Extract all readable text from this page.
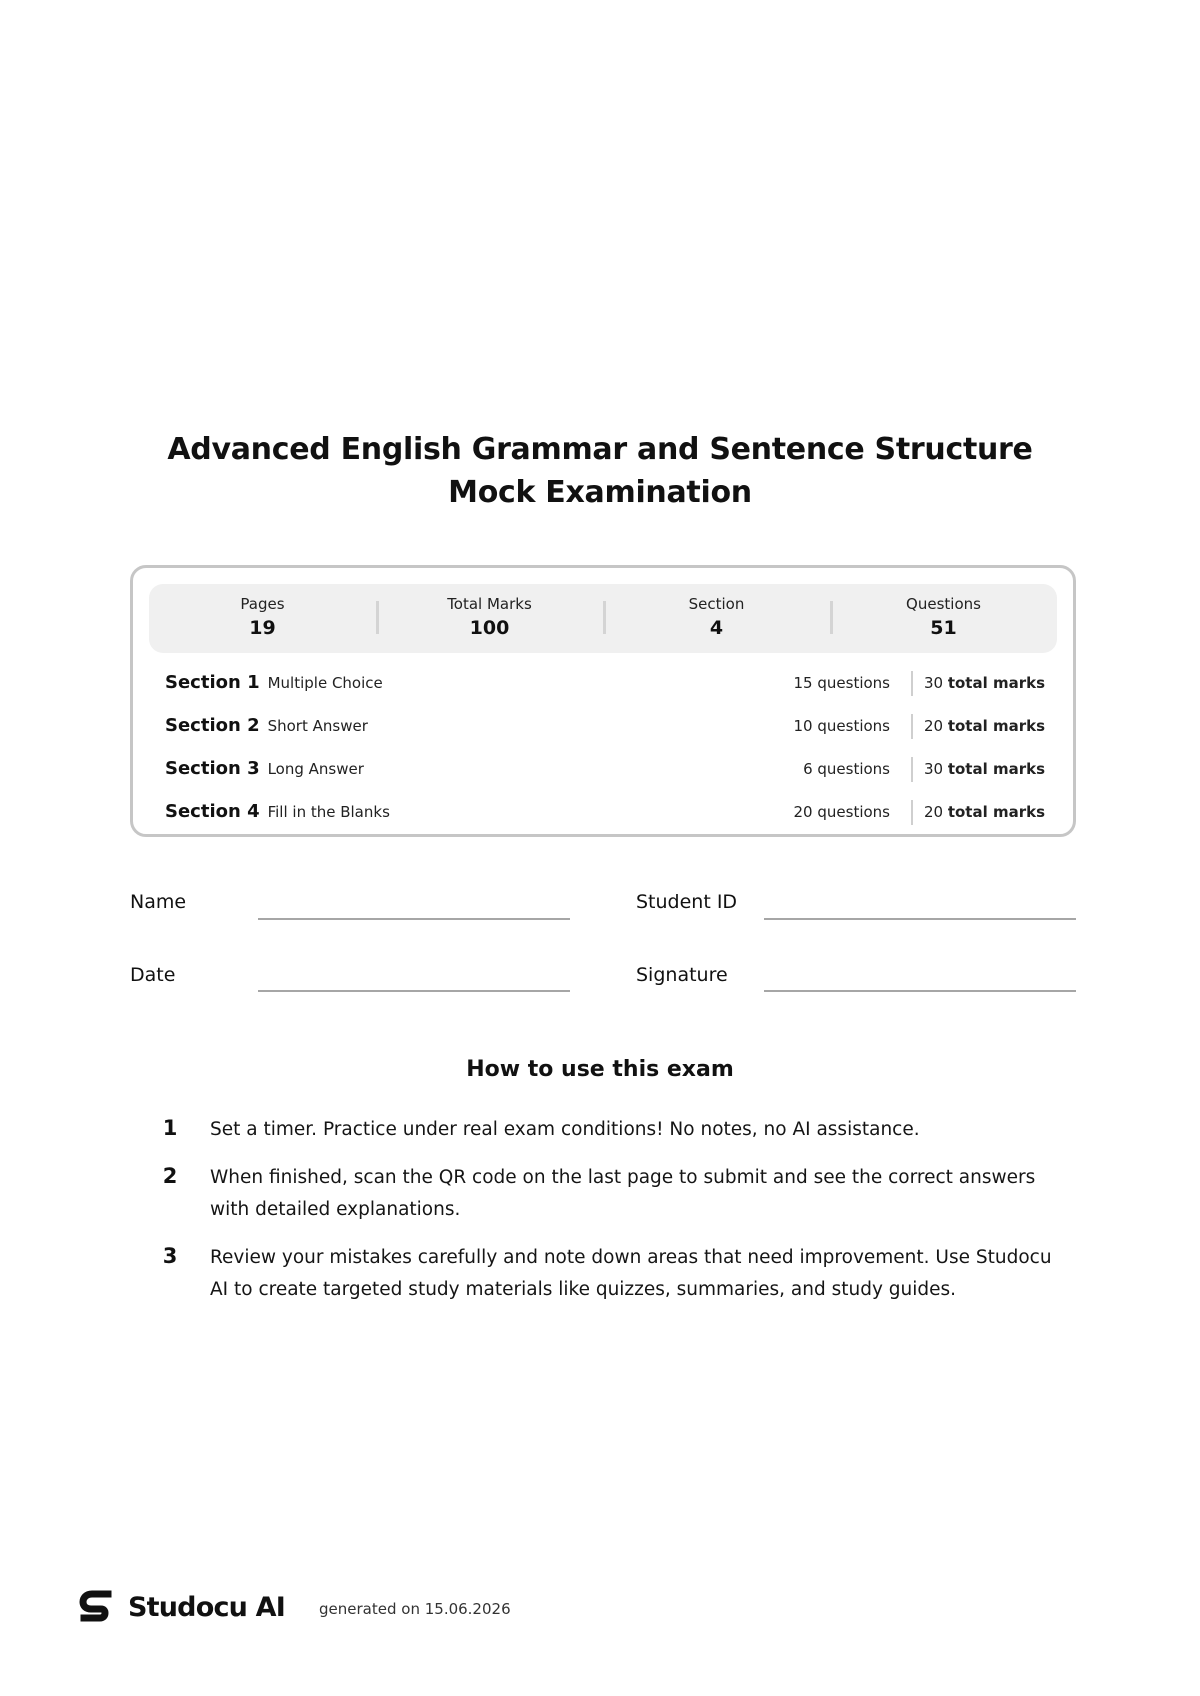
Advanced English Grammar and Sentence Structure Mock Examination
Pages
19
Total Marks
100
Section
4
Questions
51
Section 1 Multiple Choice	15 questions 30 total marks
Section 2 Short Answer	10 questions 20 total marks
Section 3 Long Answer	6 questions 30 total marks
Section 4 Fill in the Blanks	20 questions 20 total marks
Name	Student ID
Date	Signature
How to use this exam
1 Set a timer. Practice under real exam conditions! No notes, no AI assistance.

2 When finished, scan the QR code on the last page to submit and see the correct answers with detailed explanations.

3 Review your mistakes carefully and note down areas that need improvement. Use Studocu AI to create targeted study materials like quizzes, summaries, and study guides.

Studocu AI generated on 15.06.2026
